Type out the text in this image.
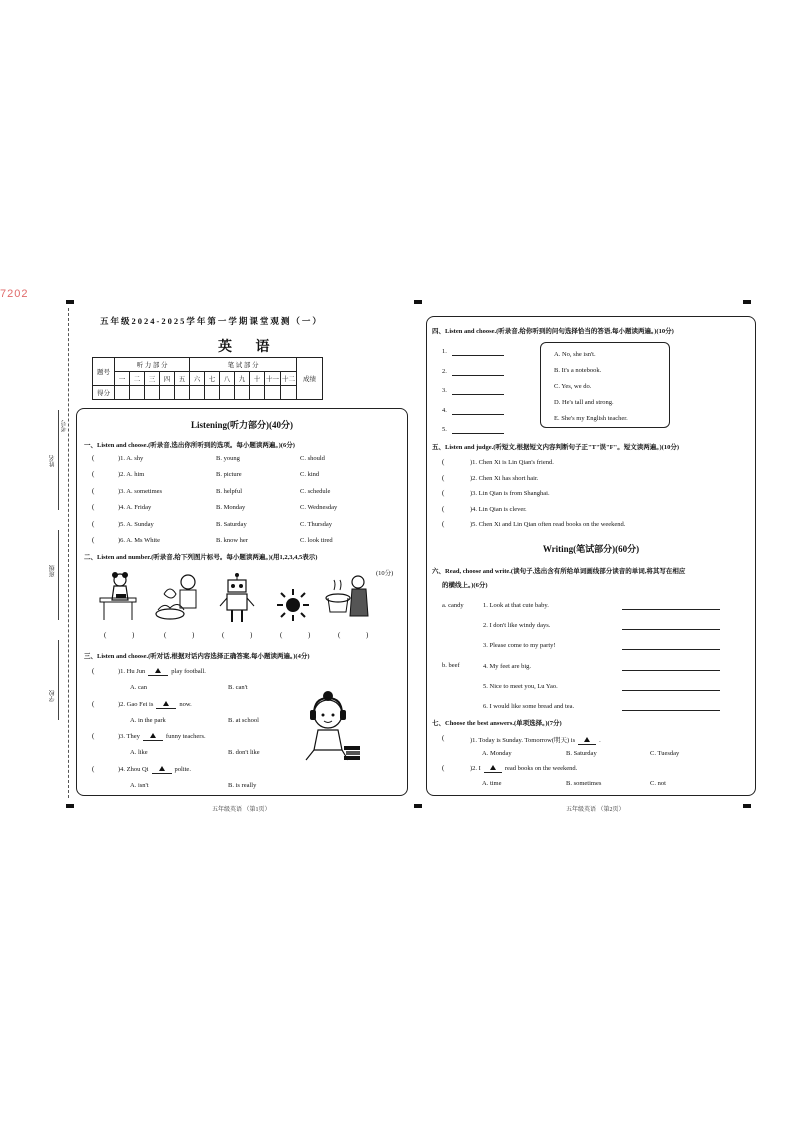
7202
姓名
班级
考号
学校
五年级2024-2025学年第一学期课堂观测（一）
英 语
题号	听 力 部 分					笔 试 部 分							成绩
	一	二	三	四	五	六	七	八	九	十	十一	十二	
得分													
Listening(听力部分)(40分)
一、Listen and choose.(听录音,选出你所听到的选项。每小题读两遍。)(6分)
(	)1. A. shy	B. young	C. should
(	)2. A. him	B. picture	C. kind
(	)3. A. sometimes	B. helpful	C. schedule
(	)4. A. Friday	B. Monday	C. Wednesday
(	)5. A. Sunday	B. Saturday	C. Thursday
(	)6. A. Ms White	B. know her	C. look tired
二、Listen and number.(听录音,给下列图片标号。每小题读两遍。)(用1,2,3,4,5表示)
(10分)
(	)	(	)	(	)	(	)	(	)
三、Listen and choose.(听对话,根据对话内容选择正确答案,每小题读两遍。)(4分)
(	)1. Hu Jun	play football.
A. can	B. can't
(	)2. Gao Fei is	now.
A. in the park	B. at school
(	)3. They	funny teachers.
A. like	B. don't like
(	)4. Zhou Qi	polite.
A. isn't	B. is really
五年级英语 （第1页）
四、Listen and choose.(听录音,给你听到的问句选择恰当的答语,每小题读两遍。)(10分)
1.
2.
3.
4.
5.
A. No, she isn't.
B. It's a notebook.
C. Yes, we do.
D. He's tall and strong.
E. She's my English teacher.
五、Listen and judge.(听短文,根据短文内容判断句子正"T"误"F"。短文读两遍。)(10分)
(	)1. Chen Xi is Lin Qian's friend.
(	)2. Chen Xi has short hair.
(	)3. Lin Qian is from Shanghai.
(	)4. Lin Qian is clever.
(	)5. Chen Xi and Lin Qian often read books on the weekend.
Writing(笔试部分)(60分)
六、Read, choose and write.(读句子,选出含有所给单词画线部分读音的单词,将其写在相应
的横线上。)(6分)
a. candy
b. beef
1. Look at that cute baby.
2. I don't like windy days.
3. Please come to my party!
4. My feet are big.
5. Nice to meet you, Lu Yao.
6. I would like some bread and tea.
七、Choose the best answers.(单项选择。)(7分)
(	)1. Today is Sunday. Tomorrow(明天) is	.
A. Monday	B. Saturday	C. Tuesday
(	)2. I	read books on the weekend.
A. time	B. sometimes	C. not
五年级英语 （第2页）
